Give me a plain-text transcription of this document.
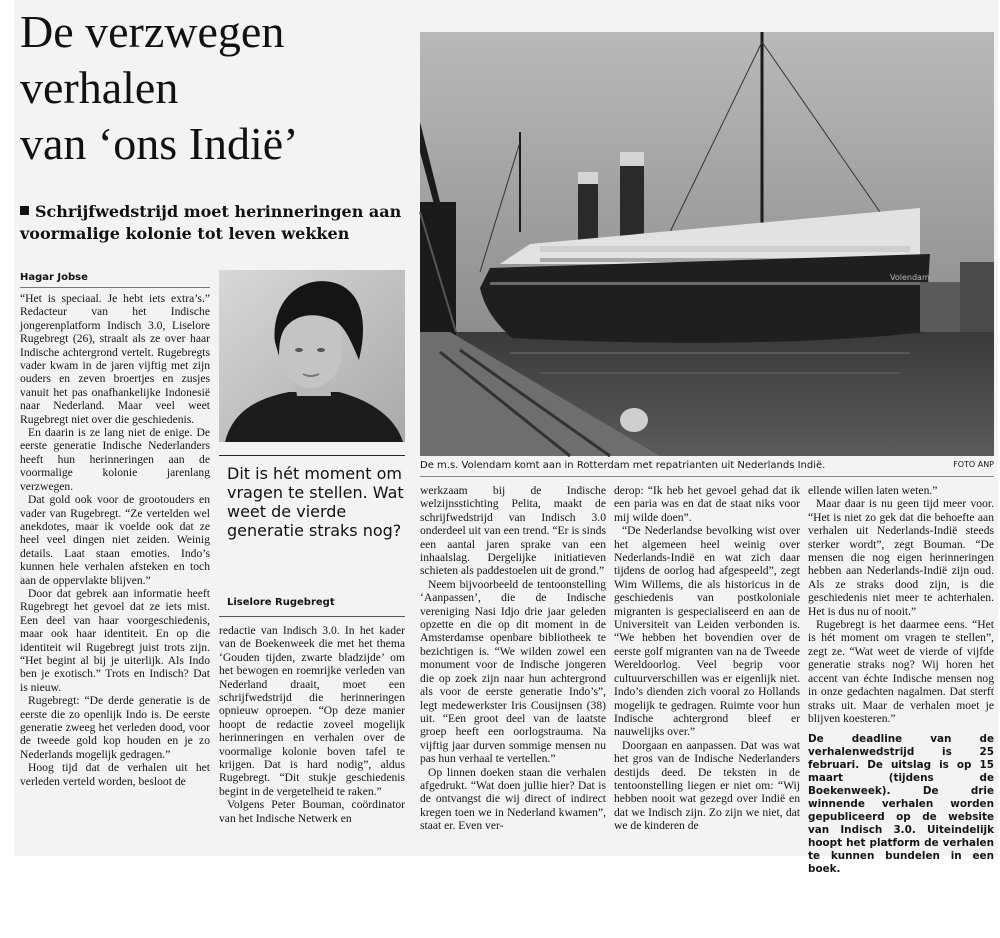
De verzwegen
verhalen
van ‘ons Indië’

Schrijfwedstrijd moet herinneringen aan voormalige kolonie tot leven wekken

Hagar Jobse

“Het is speciaal. Je hebt iets extra’s.” Redacteur van het Indische jongerenplatform Indisch 3.0, Liselore Rugebregt (26), straalt als ze over haar Indische achtergrond vertelt. Rugebregts vader kwam in de jaren vijftig met zijn ouders en zeven broertjes en zusjes vanuit het pas onafhankelijke Indonesië naar Nederland. Maar veel weet Rugebregt niet over die geschiedenis.

En daarin is ze lang niet de enige. De eerste generatie Indische Nederlanders heeft hun herinneringen aan de voormalige kolonie jarenlang verzwegen.

Dat gold ook voor de grootouders en vader van Rugebregt. “Ze vertelden wel anekdotes, maar ik voelde ook dat ze heel veel dingen niet zeiden. Weinig details. Laat staan emoties. Indo’s kunnen hele verhalen afsteken en toch aan de oppervlakte blijven.”

Door dat gebrek aan informatie heeft Rugebregt het gevoel dat ze iets mist. Een deel van haar voorgeschiedenis, maar ook haar identiteit. En op die identiteit wil Rugebregt juist trots zijn. “Het begint al bij je uiterlijk. Als Indo ben je exotisch.” Trots en Indisch? Dat is nieuw.

Rugebregt: “De derde generatie is de eerste die zo openlijk Indo is. De eerste generatie zweeg het verleden dood, voor de tweede gold kop houden en je zo Nederlands mogelijk gedragen.”

Hoog tijd dat de verhalen uit het verleden verteld worden, besloot de

Dit is hét moment om vragen te stellen. Wat weet de vierde generatie straks nog?

Liselore Rugebregt

redactie van Indisch 3.0. In het kader van de Boekenweek die met het thema ‘Gouden tijden, zwarte bladzijde’ om het bewogen en roemrijke verleden van Nederland draait, moet een schrijfwedstrijd die herinneringen opnieuw oproepen. “Op deze manier hoopt de redactie zoveel mogelijk herinneringen en verhalen over de voormalige kolonie boven tafel te krijgen. Dat is hard nodig”, aldus Rugebregt. “Dit stukje geschiedenis begint in de vergetelheid te raken.”

Volgens Peter Bouman, coördinator van het Indische Netwerk en

Volendam

De m.s. Volendam komt aan in Rotterdam met repatrianten uit Nederlands Indië.	FOTO ANP

werkzaam bij de Indische welzijnsstichting Pelita, maakt de schrijfwedstrijd van Indisch 3.0 onderdeel uit van een trend. “Er is sinds een aantal jaren sprake van een inhaalslag. Dergelijke initiatieven schieten als paddestoelen uit de grond.”

Neem bijvoorbeeld de tentoonstelling ‘Aanpassen’, die de Indische vereniging Nasi Idjo drie jaar geleden opzette en die op dit moment in de Amsterdamse openbare bibliotheek te bezichtigen is. “We wilden zowel een monument voor de Indische jongeren die op zoek zijn naar hun achtergrond als voor de eerste generatie Indo’s”, legt medewerkster Iris Cousijnsen (38) uit. “Een groot deel van de laatste groep heeft een oorlogstrauma. Na vijftig jaar durven sommige mensen nu pas hun verhaal te vertellen.”

Op linnen doeken staan die verhalen afgedrukt. “Wat doen jullie hier? Dat is de ontvangst die wij direct of indirect kregen toen we in Nederland kwamen”, staat er. Even ver-

derop: “Ik heb het gevoel gehad dat ik een paria was en dat de staat niks voor mij wilde doen”.

“De Nederlandse bevolking wist over het algemeen heel weinig over Nederlands-Indië en wat zich daar tijdens de oorlog had afgespeeld”, zegt Wim Willems, die als historicus in de geschiedenis van postkoloniale migranten is gespecialiseerd en aan de Universiteit van Leiden verbonden is. “We hebben het bovendien over de eerste golf migranten van na de Tweede Wereldoorlog. Veel begrip voor cultuurverschillen was er eigenlijk niet. Indo’s dienden zich vooral zo Hollands mogelijk te gedragen. Ruimte voor hun Indische achtergrond bleef er nauwelijks over.”

Doorgaan en aanpassen. Dat was wat het gros van de Indische Nederlanders destijds deed. De teksten in de tentoonstelling liegen er niet om: “Wij hebben nooit wat gezegd over Indië en dat we Indisch zijn. Zo zijn we niet, dat we de kinderen de

ellende willen laten weten.”

Maar daar is nu geen tijd meer voor. “Het is niet zo gek dat die behoefte aan verhalen uit Nederlands-Indië steeds sterker wordt”, zegt Bouman. “De mensen die nog eigen herinneringen hebben aan Nederlands-Indië zijn oud. Als ze straks dood zijn, is die geschiedenis niet meer te achterhalen. Het is dus nu of nooit.”

Rugebregt is het daarmee eens. “Het is hét moment om vragen te stellen”, zegt ze. “Wat weet de vierde of vijfde generatie straks nog? Wij horen het accent van échte Indische mensen nog in onze gedachten nagalmen. Dat sterft straks uit. Maar de verhalen moet je blijven koesteren.”

De deadline van de verhalenwedstrijd is 25 februari. De uitslag is op 15 maart (tijdens de Boekenweek). De drie winnende verhalen worden gepubliceerd op de website van Indisch 3.0. Uiteindelijk hoopt het platform de verhalen te kunnen bundelen in een boek.
